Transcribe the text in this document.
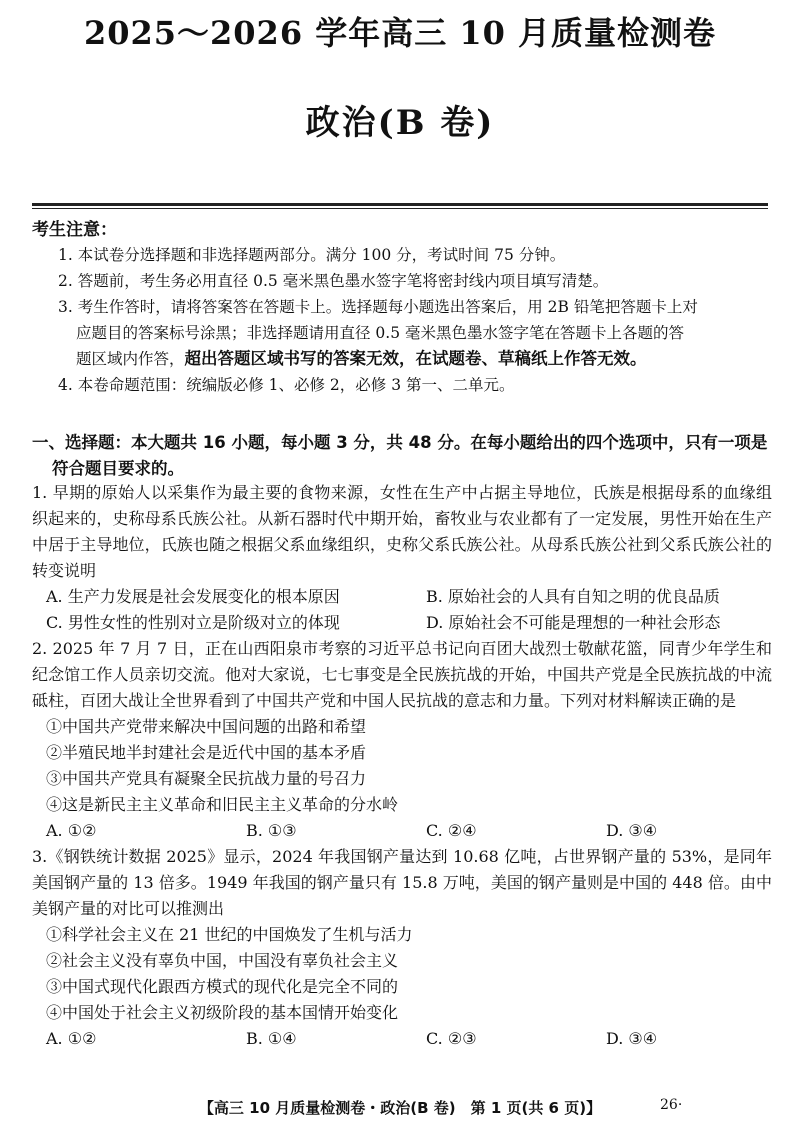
2025～2026 学年高三 10 月质量检测卷
政治(B 卷)
考生注意：

1. 本试卷分选择题和非选择题两部分。满分 100 分，考试时间 75 分钟。

2. 答题前，考生务必用直径 0.5 毫米黑色墨水签字笔将密封线内项目填写清楚。

3. 考生作答时，请将答案答在答题卡上。选择题每小题选出答案后，用 2B 铅笔把答题卡上对
应题目的答案标号涂黑；非选择题请用直径 0.5 毫米黑色墨水签字笔在答题卡上各题的答
题区域内作答，超出答题区域书写的答案无效，在试题卷、草稿纸上作答无效。

4. 本卷命题范围：统编版必修 1、必修 2，必修 3 第一、二单元。

一、选择题：本大题共 16 小题，每小题 3 分，共 48 分。在每小题给出的四个选项中，只有一项是
符合题目要求的。

1. 早期的原始人以采集作为最主要的食物来源，女性在生产中占据主导地位，氏族是根据母系的血缘组织起来的，史称母系氏族公社。从新石器时代中期开始，畜牧业与农业都有了一定发展，男性开始在生产中居于主导地位，氏族也随之根据父系血缘组织，史称父系氏族公社。从母系氏族公社到父系氏族公社的转变说明

A. 生产力发展是社会发展变化的根本原因	B. 原始社会的人具有自知之明的优良品质
C. 男性女性的性别对立是阶级对立的体现	D. 原始社会不可能是理想的一种社会形态

2. 2025 年 7 月 7 日，正在山西阳泉市考察的习近平总书记向百团大战烈士敬献花篮，同青少年学生和纪念馆工作人员亲切交流。他对大家说，七七事变是全民族抗战的开始，中国共产党是全民族抗战的中流砥柱，百团大战让全世界看到了中国共产党和中国人民抗战的意志和力量。下列对材料解读正确的是

①中国共产党带来解决中国问题的出路和希望
②半殖民地半封建社会是近代中国的基本矛盾
③中国共产党具有凝聚全民抗战力量的号召力
④这是新民主主义革命和旧民主主义革命的分水岭
A. ①②	B. ①③	C. ②④	D. ③④

3.《钢铁统计数据 2025》显示，2024 年我国钢产量达到 10.68 亿吨，占世界钢产量的 53%，是同年美国钢产量的 13 倍多。1949 年我国的钢产量只有 15.8 万吨，美国的钢产量则是中国的 448 倍。由中美钢产量的对比可以推测出

①科学社会主义在 21 世纪的中国焕发了生机与活力
②社会主义没有辜负中国，中国没有辜负社会主义
③中国式现代化跟西方模式的现代化是完全不同的
④中国处于社会主义初级阶段的基本国情开始变化
A. ①②	B. ①④	C. ②③	D. ③④
【高三 10 月质量检测卷・政治(B 卷)　第 1 页(共 6 页)】	26·
